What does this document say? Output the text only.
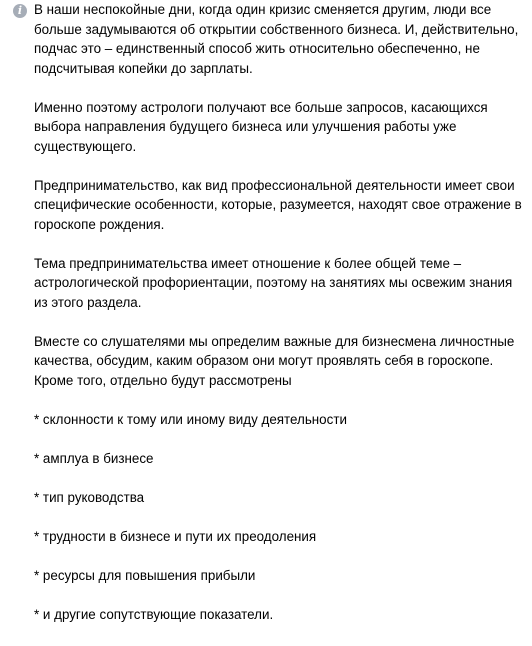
i В наши неспокойные дни, когда один кризис сменяется другим, люди все
больше задумываются об открытии собственного бизнеса. И, действительно,
подчас это – единственный способ жить относительно обеспеченно, не
подсчитывая копейки до зарплаты.

Именно поэтому астрологи получают все больше запросов, касающихся
выбора направления будущего бизнеса или улучшения работы уже
существующего.

Предпринимательство, как вид профессиональной деятельности имеет свои
специфические особенности, которые, разумеется, находят свое отражение в
гороскопе рождения.

Тема предпринимательства имеет отношение к более общей теме –
астрологической профориентации, поэтому на занятиях мы освежим знания
из этого раздела.

Вместе со слушателями мы определим важные для бизнесмена личностные
качества, обсудим, каким образом они могут проявлять себя в гороскопе.
Кроме того, отдельно будут рассмотрены

* склонности к тому или иному виду деятельности

* амплуа в бизнесе

* тип руководства

* трудности в бизнесе и пути их преодоления

* ресурсы для повышения прибыли

* и другие сопутствующие показатели.
